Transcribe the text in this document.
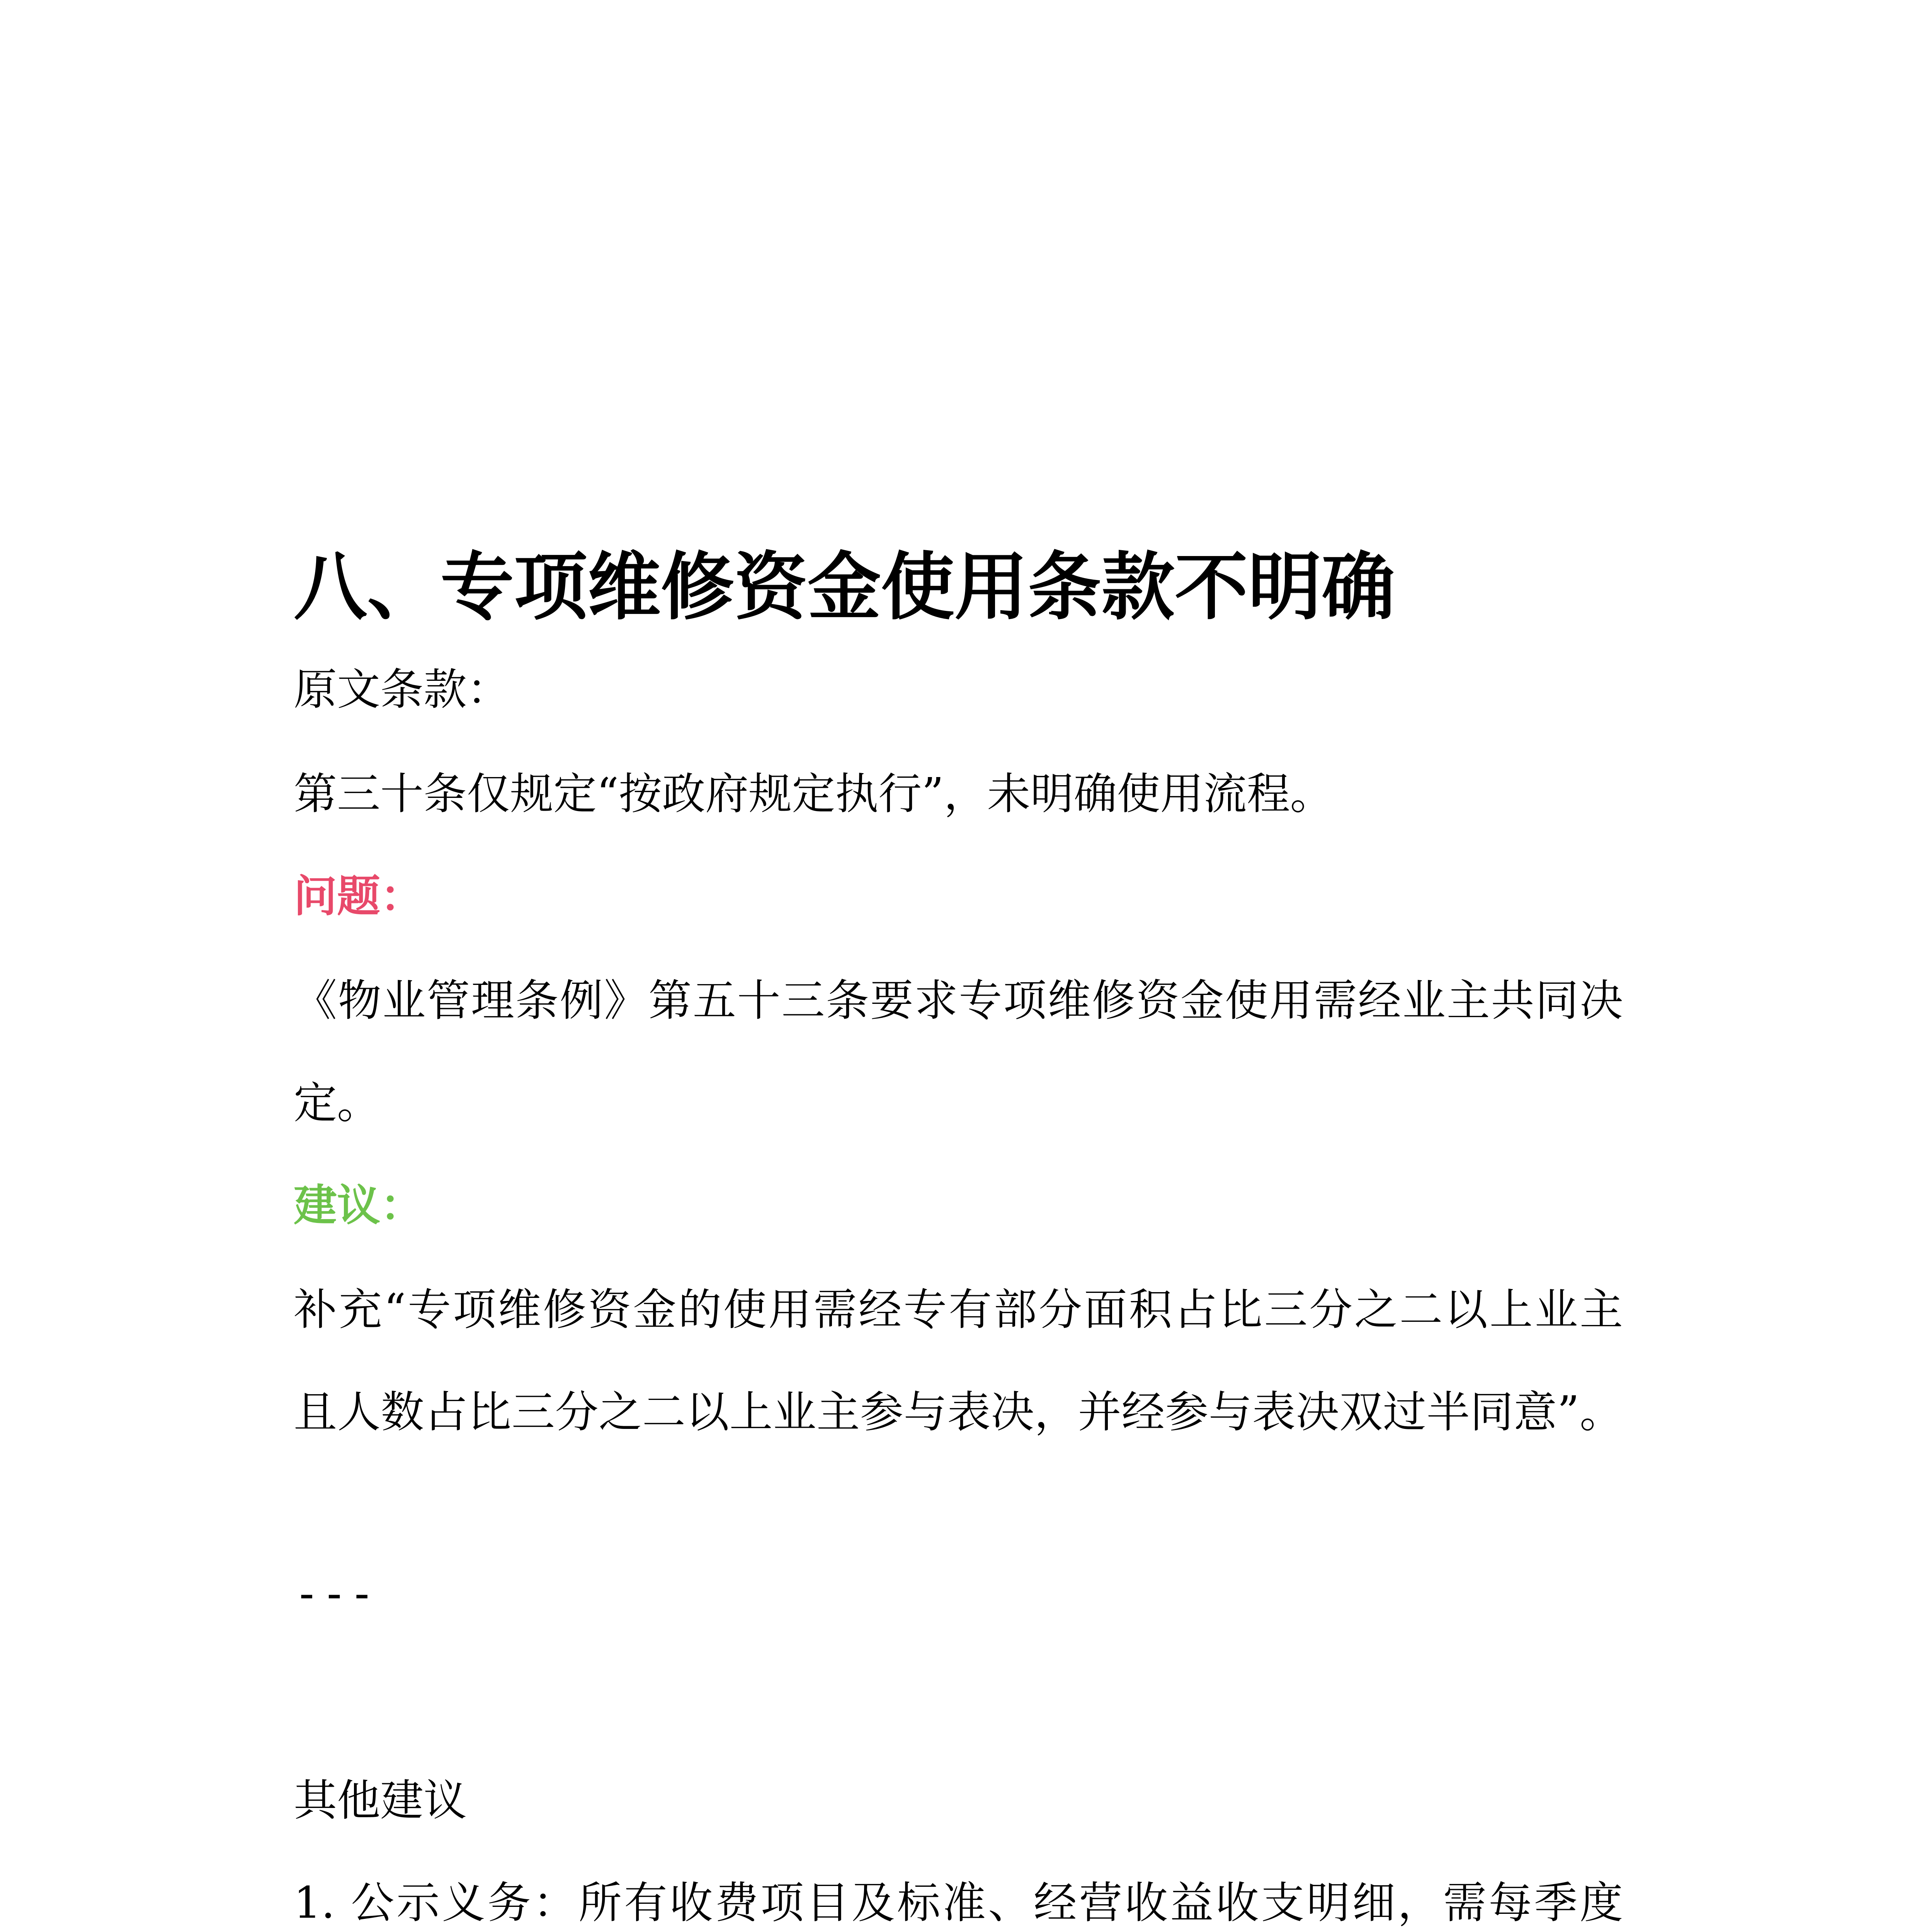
八、专项维修资金使用条款不明确

原文条款：

第三十条仅规定“按政府规定执行”，未明确使用流程。

问题：

《物业管理条例》第五十三条要求专项维修资金使用需经业主共同决

定。

建议：

补充“专项维修资金的使用需经专有部分面积占比三分之二以上业主

且人数占比三分之二以上业主参与表决，并经参与表决双过半同意”。

---

其他建议

1. 公示义务：所有收费项目及标准、经营收益收支明细，需每季度
